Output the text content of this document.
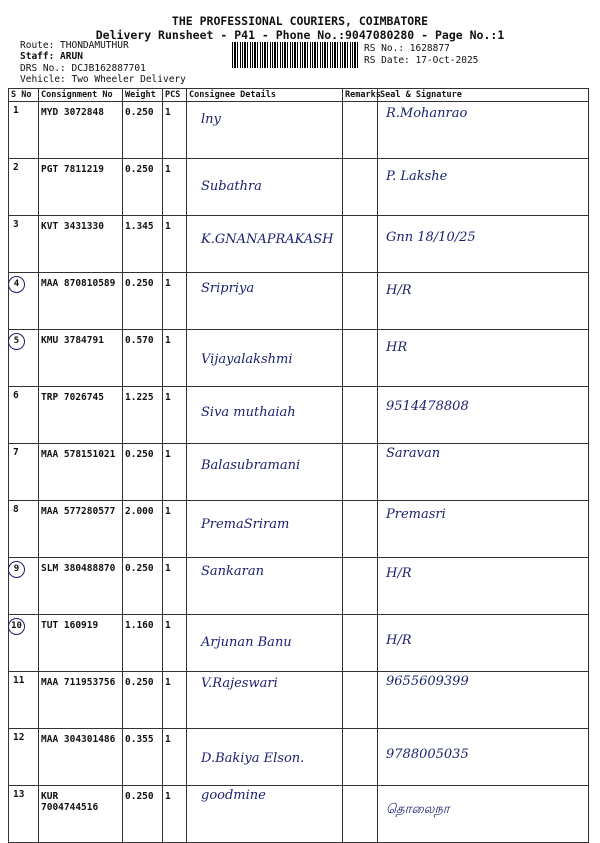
THE PROFESSIONAL COURIERS, COIMBATORE
Delivery Runsheet - P41 - Phone No.:9047080280 - Page No.:1
Route: THONDAMUTHUR
Staff: ARUN
DRS No.: DCJB162887701
Vehicle: Two Wheeler Delivery
RS No.: 1628877
RS Date: 17-Oct-2025
S No	Consignment No	Weight	PCS	Consignee Details	Remarks	Seal & Signature
1	MYD 3072848	0.250	1	lny		R.Mohanrao

2	PGT 7811219	0.250	1	Subathra		P. Lakshe

3	KVT 3431330	1.345	1	K.GNANAPRAKASH		Gnn 18/10/25

4	MAA 870810589	0.250	1	Sripriya		H/R

5	KMU 3784791	0.570	1	Vijayalakshmi		HR

6	TRP 7026745	1.225	1	Siva muthaiah		9514478808

7	MAA 578151021	0.250	1	Balasubramani		Saravan

8	MAA 577280577	2.000	1	PremaSriram		Premasri

9	SLM 380488870	0.250	1	Sankaran		H/R

10	TUT 160919	1.160	1	Arjunan Banu		H/R

11	MAA 711953756	0.250	1	V.Rajeswari		9655609399

12	MAA 304301486	0.355	1	D.Bakiya Elson.		9788005035

13	KUR 7004744516	0.250	1	goodmine		தொலைநா
